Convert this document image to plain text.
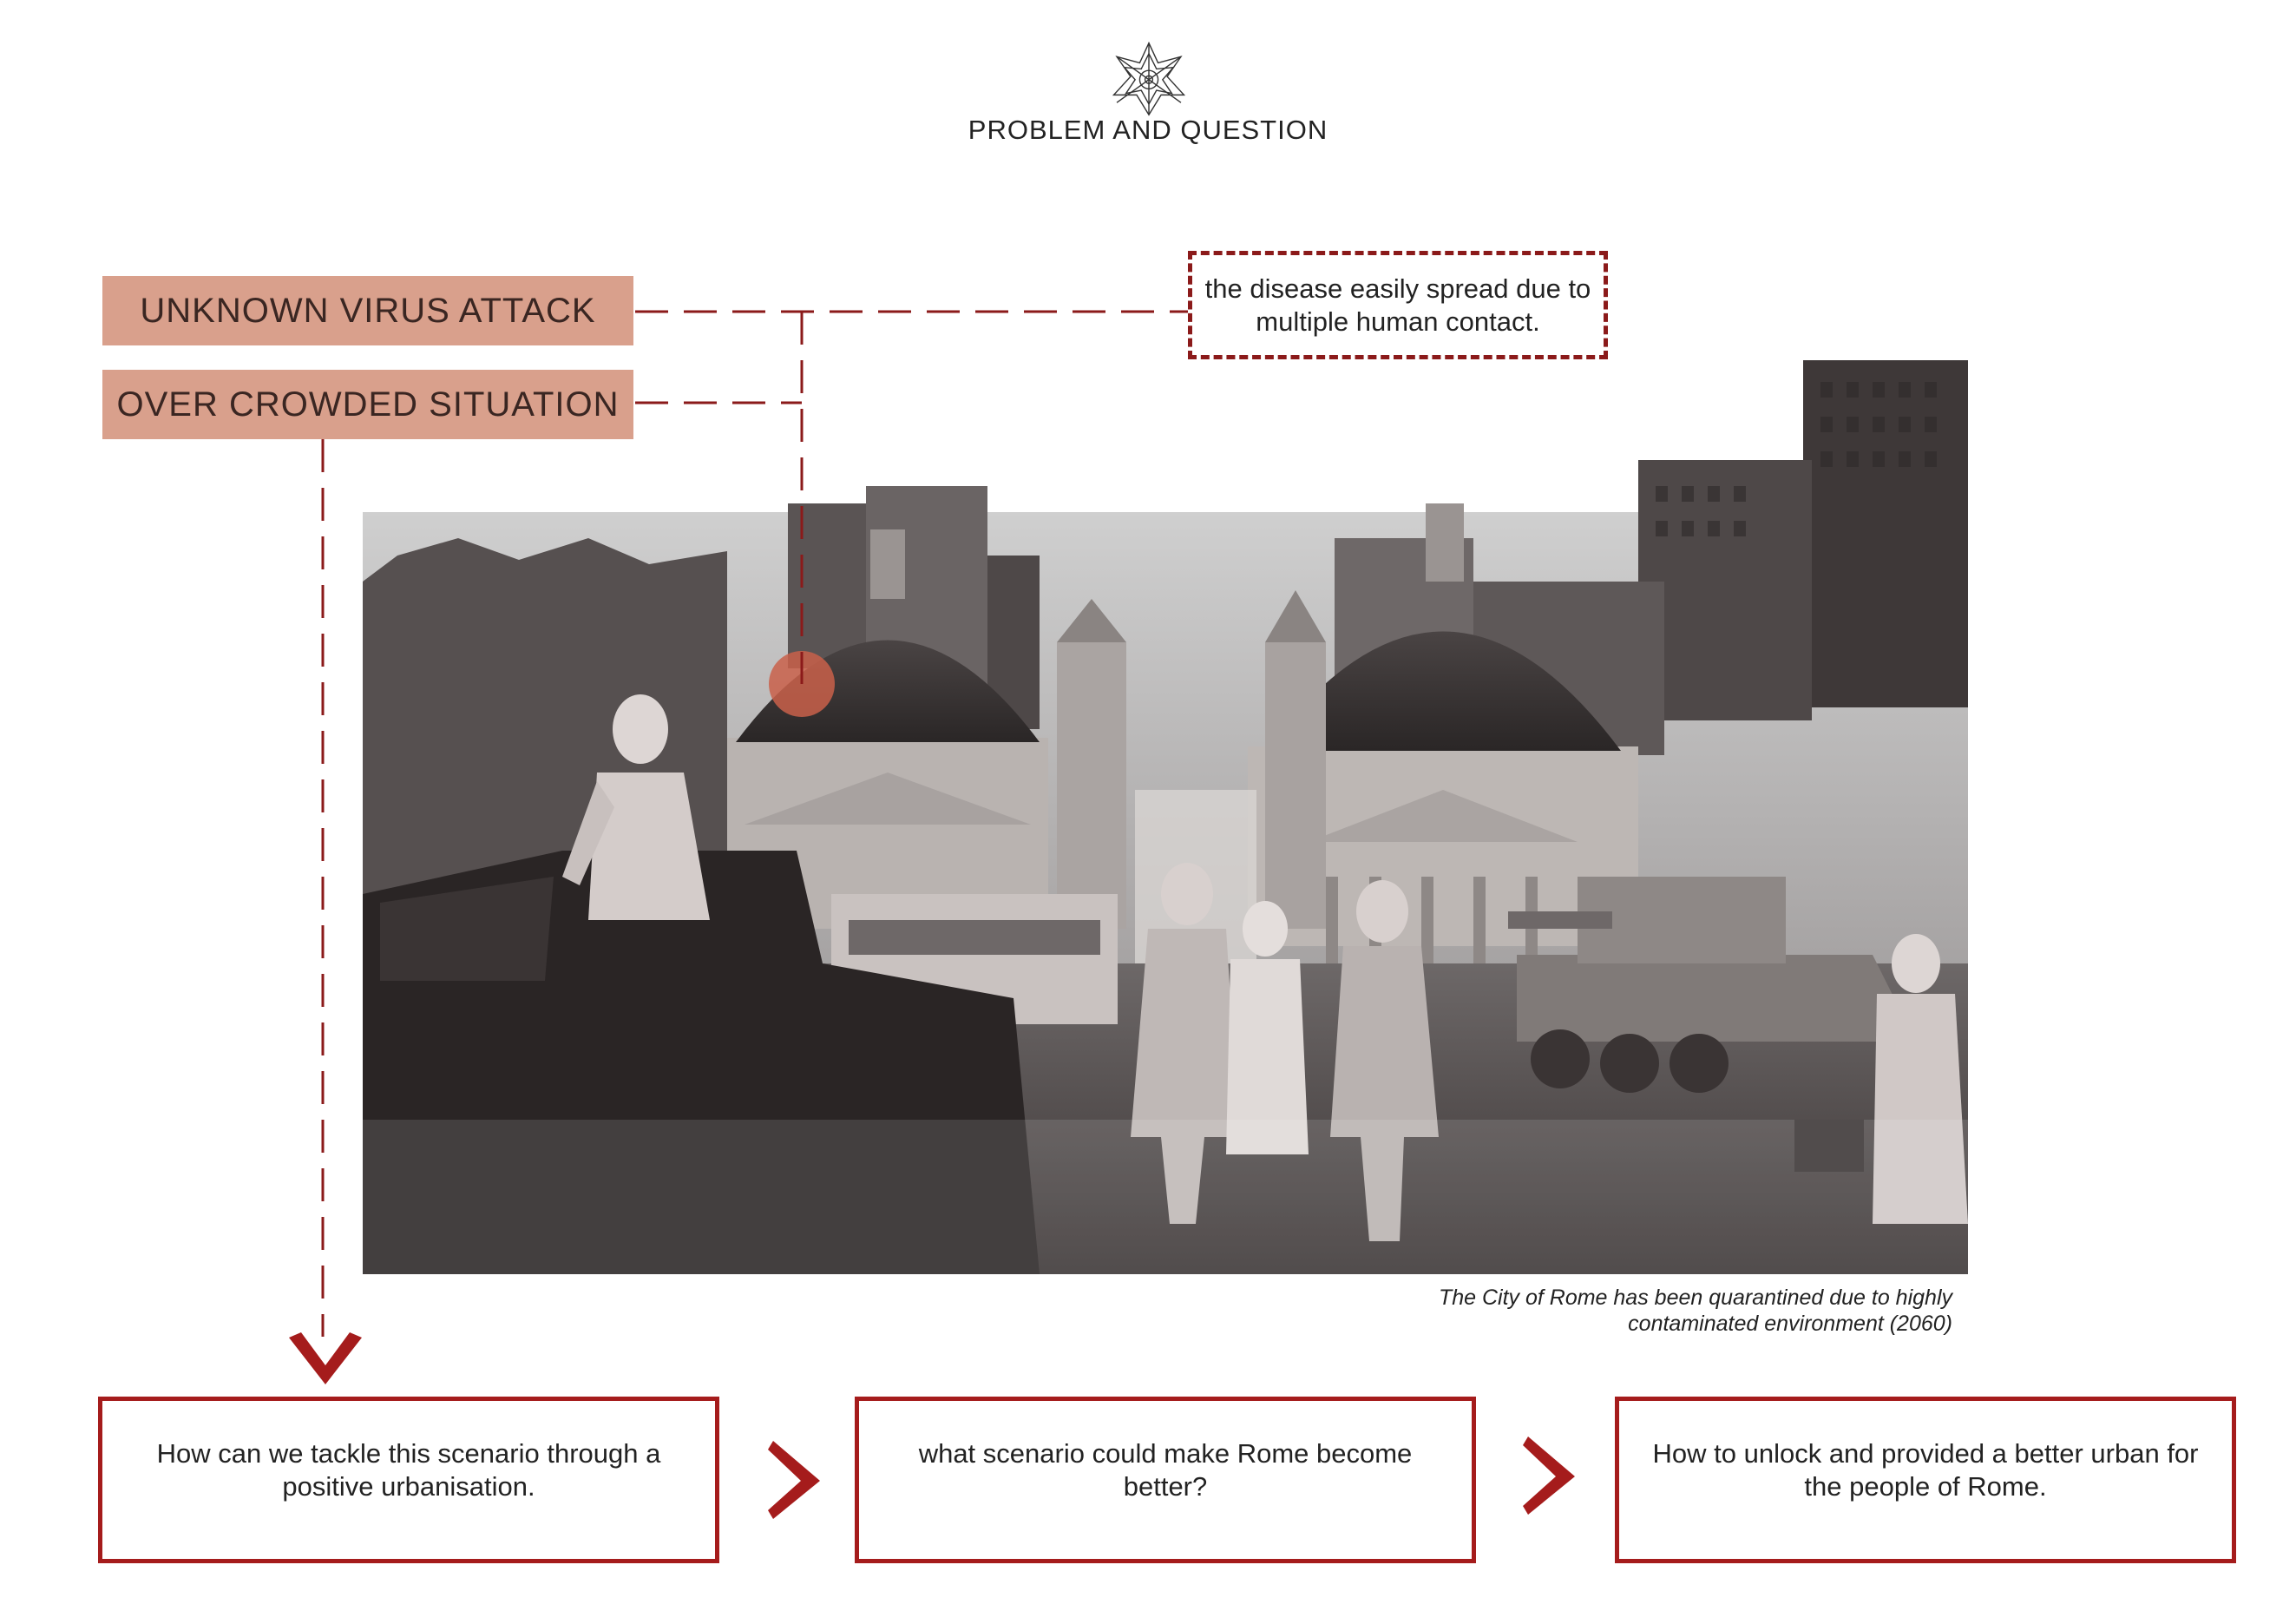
PROBLEM AND QUESTION
UNKNOWN VIRUS ATTACK
OVER CROWDED SITUATION
the disease easily spread due to multiple human contact.
The City of Rome has been quarantined due to highly
contaminated environment (2060)
How can we tackle this scenario through a positive urbanisation.
what scenario could make Rome become better?
How to unlock and provided a better urban for the people of Rome.
